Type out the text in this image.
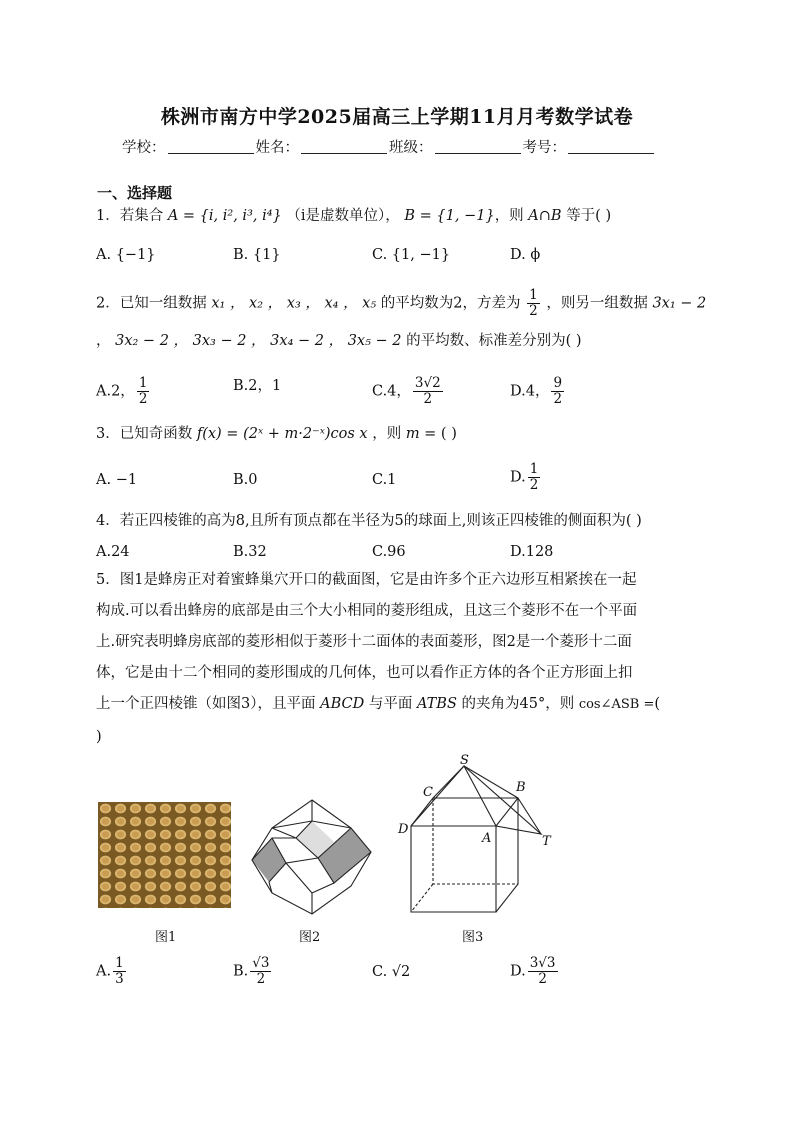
株洲市南方中学2025届高三上学期11月月考数学试卷
学校：	姓名：	班级：	考号：
一、选择题
1．若集合 A = {i, i², i³, i⁴} （i是虚数单位）， B = {1, −1}，则 A∩B 等于( )
A. {−1}	B. {1}	C. {1, −1}	D. ϕ
2．已知一组数据 x₁ ， x₂ ， x₃ ， x₄ ， x₅ 的平均数为2，方差为 $\frac{1}{2}$ ，则另一组数据 3x₁ − 2
， 3x₂ − 2 ， 3x₃ − 2 ， 3x₄ − 2 ， 3x₅ − 2 的平均数、标准差分别为( )
A.2， $\frac{1}{2}$	B.2，1	C.4， $\frac{3√2}{2}$	D.4， $\frac{9}{2}$
3．已知奇函数 f(x) = (2ˣ + m·2⁻ˣ)cos x ，则 m = ( )
A. −1	B.0	C.1	D. $\frac{1}{2}$
4．若正四棱锥的高为8,且所有顶点都在半径为5的球面上,则该正四棱锥的侧面积为( )
A.24	B.32	C.96	D.128
5．图1是蜂房正对着蜜蜂巢穴开口的截面图，它是由许多个正六边形互相紧挨在一起
构成.可以看出蜂房的底部是由三个大小相同的菱形组成，且这三个菱形不在一个平面
上.研究表明蜂房底部的菱形相似于菱形十二面体的表面菱形，图2是一个菱形十二面
体，它是由十二个相同的菱形围成的几何体，也可以看作正方体的各个正方形面上扣
上一个正四棱锥（如图3），且平面 ABCD 与平面 ATBS 的夹角为45°，则 cos∠ASB =(
)
S
C	B
D
A	T
图1	图2	图3
A. $\frac{1}{3}$	B. $\frac{√3}{2}$	C. √2	D. $\frac{3√3}{2}$
